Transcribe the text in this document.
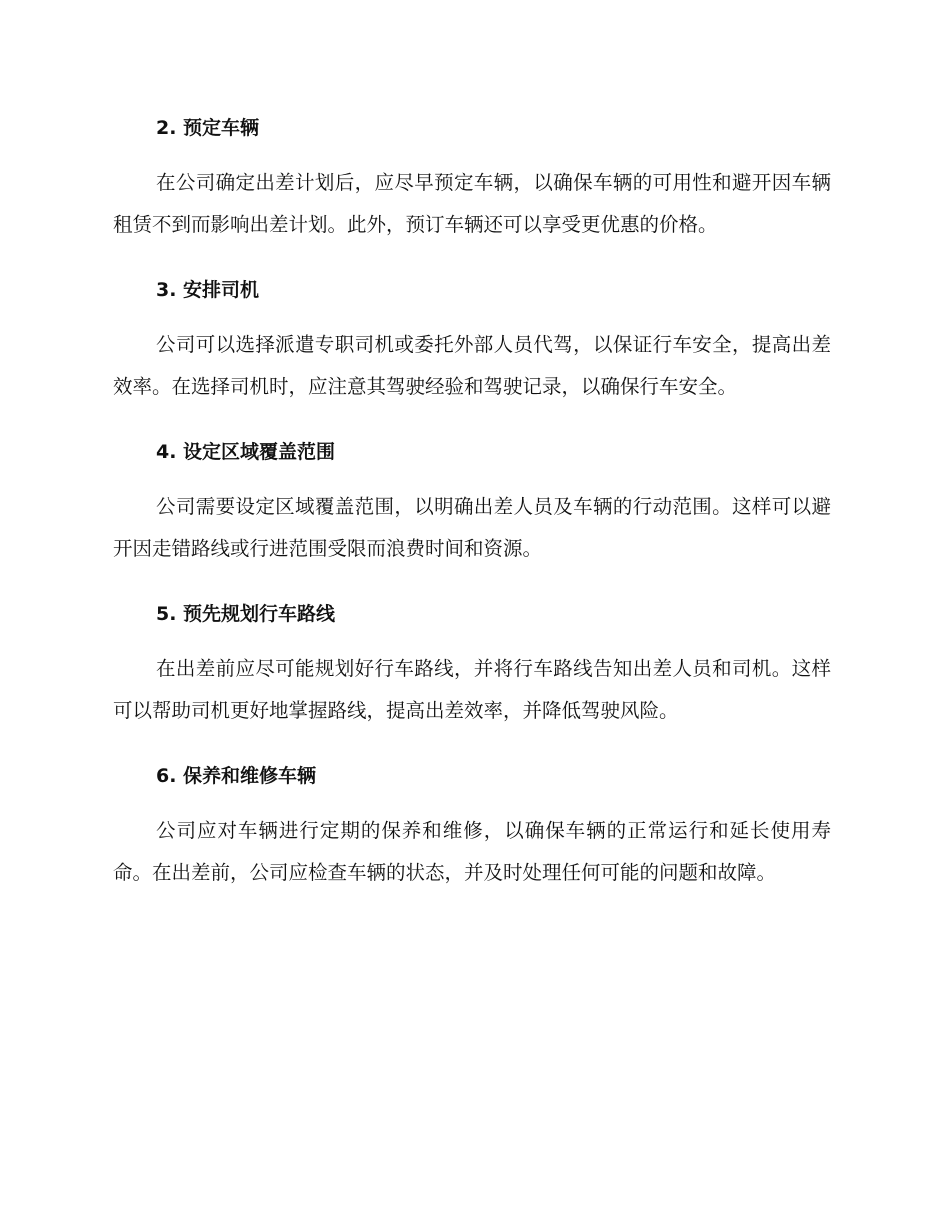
2. 预定车辆

在公司确定出差计划后，应尽早预定车辆，以确保车辆的可用性和避开因车辆租赁不到而影响出差计划。此外，预订车辆还可以享受更优惠的价格。

3. 安排司机

公司可以选择派遣专职司机或委托外部人员代驾，以保证行车安全，提高出差效率。在选择司机时，应注意其驾驶经验和驾驶记录，以确保行车安全。

4. 设定区域覆盖范围

公司需要设定区域覆盖范围，以明确出差人员及车辆的行动范围。这样可以避开因走错路线或行进范围受限而浪费时间和资源。

5. 预先规划行车路线

在出差前应尽可能规划好行车路线，并将行车路线告知出差人员和司机。这样可以帮助司机更好地掌握路线，提高出差效率，并降低驾驶风险。

6. 保养和维修车辆

公司应对车辆进行定期的保养和维修，以确保车辆的正常运行和延长使用寿命。在出差前，公司应检查车辆的状态，并及时处理任何可能的问题和故障。
